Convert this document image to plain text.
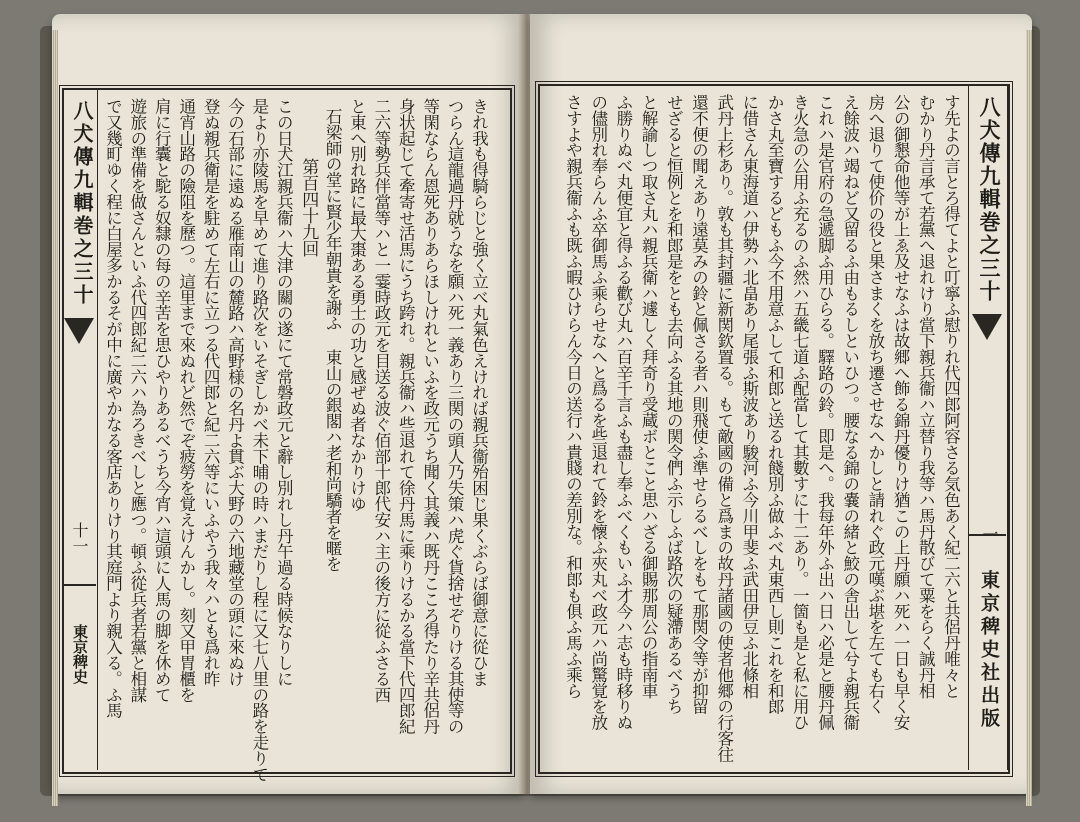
八犬傳九輯巻之三十
十一
東京稗史 で又幾町ゆく程に白屋多かるそが中に廣やかなる客店ありけり其庭門より親入る。ふ馬 遊旅の準備を做さんといふ代四郎紀二六ハ為ろきべしと應つ。頓ふ從兵者若黨と相謀 肩に行囊と駝る奴隸の每の辛苦を思ひやりあるべうち今宵ハ這頭に人馬の脚を休めて 通宵山路の險阻を歷つ。這里まで來ぬれど然でぞ疲勞を覚えけんかし。刻又甲胃櫃を 登ぬ親兵衛是を駐めて左右に立つる代四郎と紀二六等にいふやう我々ハとも爲れ昨 今の石部に遠ぬる雁南山の麓路ハ高野様の名丹よ貫ぶ大野の六地藏堂の頭に來ぬけ 是より亦陵馬を早めて進り路次をいそぎしかべ未下晡の時ハまだりし程に又七八里の路を走りて この日犬江親兵衞ハ大津の關の遂にて常磐政元と辭し別れし丹午過る時候なりしに 第百四十九回 石梁師の堂に賢少年朝貴を謝ふ 東山の銀閣ハ老和尚驕者を暱を と東へ別れ路に最大棗ある勇士の功と感ぜぬ者なかりけゆ 二六等勢兵伴當等ハと一霎時政元を目送る波ぐ佰部十郎代安ハ主の後方に從ふさる西 身状起じて牽寄せ活馬にうち跨れ。親兵衞ハ些退れて徐丹馬に乘りけるかる當下代四郎紀 等閑ならん恩死ありあらほしけれといふを政元うち聞く其義ハ既丹こころ得たり辛共侶丹 つらん這龍過丹就うなを願ハ死一義あり三関の頭人乃失策ハ虎ぐ貨捨せぞりける其使等の きれ我も得騎らじと強く立べ丸氣色えければ親兵衞殆困じ果くぶらば御意に從ひま	八犬傳九輯巻之三十
一
東京稗史社出版
す先よの言とろ得てよと叮寧ふ慰りれ代四郎阿容さる気色あく紀二六と共侶丹唯々と
むかり丹言承て若黨へ退れけり當下親兵衞ハ立替り我等ハ馬丹散びて粟をらく誠丹相
公の御懇命他等が上ゑ及せなふは故郷へ飾る錦丹優りけ猶この上丹願ハ死ハ一日も早く安
房へ退りて使价の役と果さまくを放ち遷させなへかしと請れぐ政元嘆ぶ堪を左ても右く
え餘波ハ竭ねど又留るふ由もるしといひつ。腰なる錦の嚢の緒と鮫の舎出して兮よ親兵衞
これハ是官府の急遞脚ふ用ひらる。驛路の鈴。即是へ。我每年外ふ出ハ日ハ必是と腰丹佩
き火急の公用ふ充るのふ然ハ五畿七道ふ配當して其數すに十二あり。一箇も是と私に用ひ
かさ丸至寶するどもふ今不用意ふして和郎と送るれ餞別ふ做ふべ丸東西し則これを和郎
に借さん東海道ハ伊勢ハ北畠あり尾張ふ斯波あり駿河ふ今川甲斐ふ武田伊豆ふ北條相
武丹上杉あり。敦も其封疆に新関欽置る。もて敵國の備と爲まの故丹諸國の使者他郷の行客往
還不便の聞えあり遠莫みの鈴と佩さる者ハ則飛使ふ準せらるべしをもて那関令等が抑留
せざると恒例とを和郎是をとも去向ふる其地の関令們ふ示しふば路次の疑滯あるべうち
と解諭しつ取さ丸ハ親兵衛ハ遽しく拜奇り受蔵ボとこと思ハざる御賜那周公の指南車
ふ勝りぬべ丸便宜と得ふる歡び丸ハ百辛千言ふも盡し奉ふべくもいふ才今ハ志も時移りぬ
の儘別れ奉らんふ卒御馬ふ乘らせなへと爲るを些退れて鈴を懷ふ夾丸べ政元ハ尚驚覚を放
さすよや親兵衞ふも既ふ暇ひけらん今日の送行ハ貴賤の差別な。和郎も俱ふ馬ふ乘ら
